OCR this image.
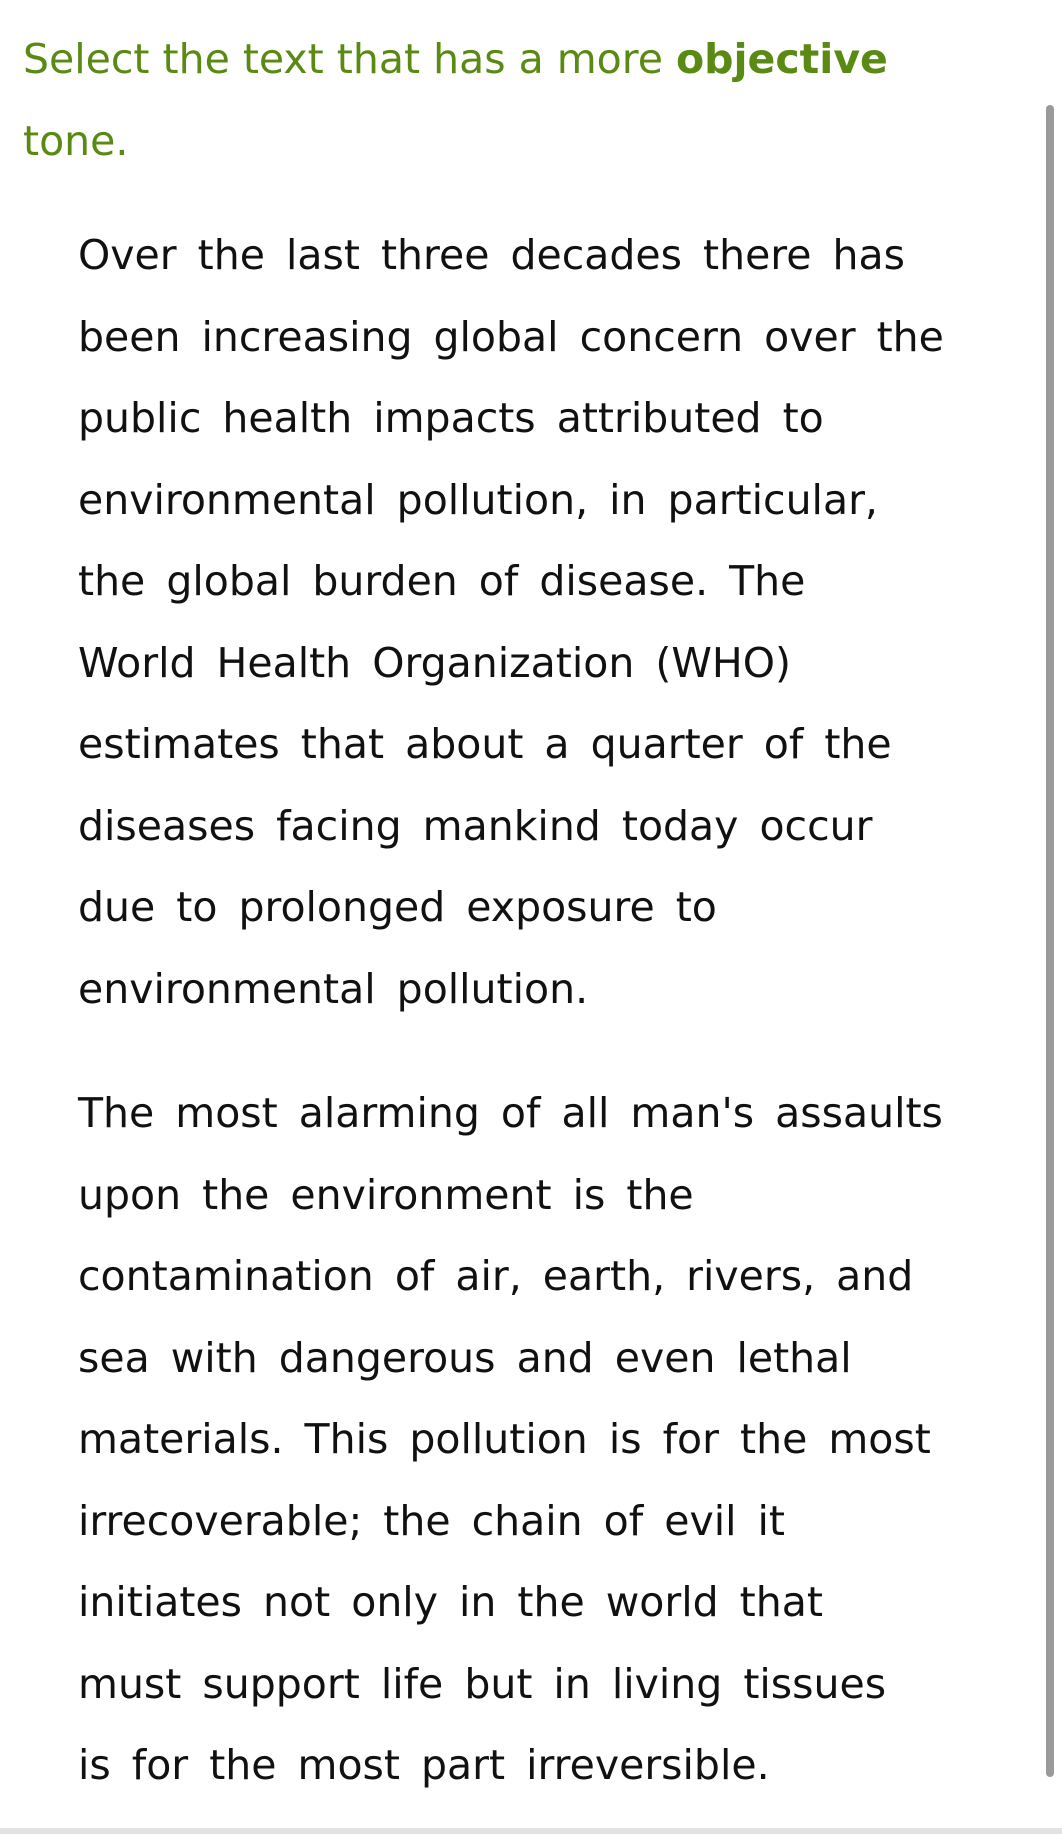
Select the text that has a more objective
tone.

Over the last three decades there has
been increasing global concern over the
public health impacts attributed to
environmental pollution, in particular,
the global burden of disease. The
World Health Organization (WHO)
estimates that about a quarter of the
diseases facing mankind today occur
due to prolonged exposure to
environmental pollution.

The most alarming of all man's assaults
upon the environment is the
contamination of air, earth, rivers, and
sea with dangerous and even lethal
materials. This pollution is for the most
irrecoverable; the chain of evil it
initiates not only in the world that
must support life but in living tissues
is for the most part irreversible.
